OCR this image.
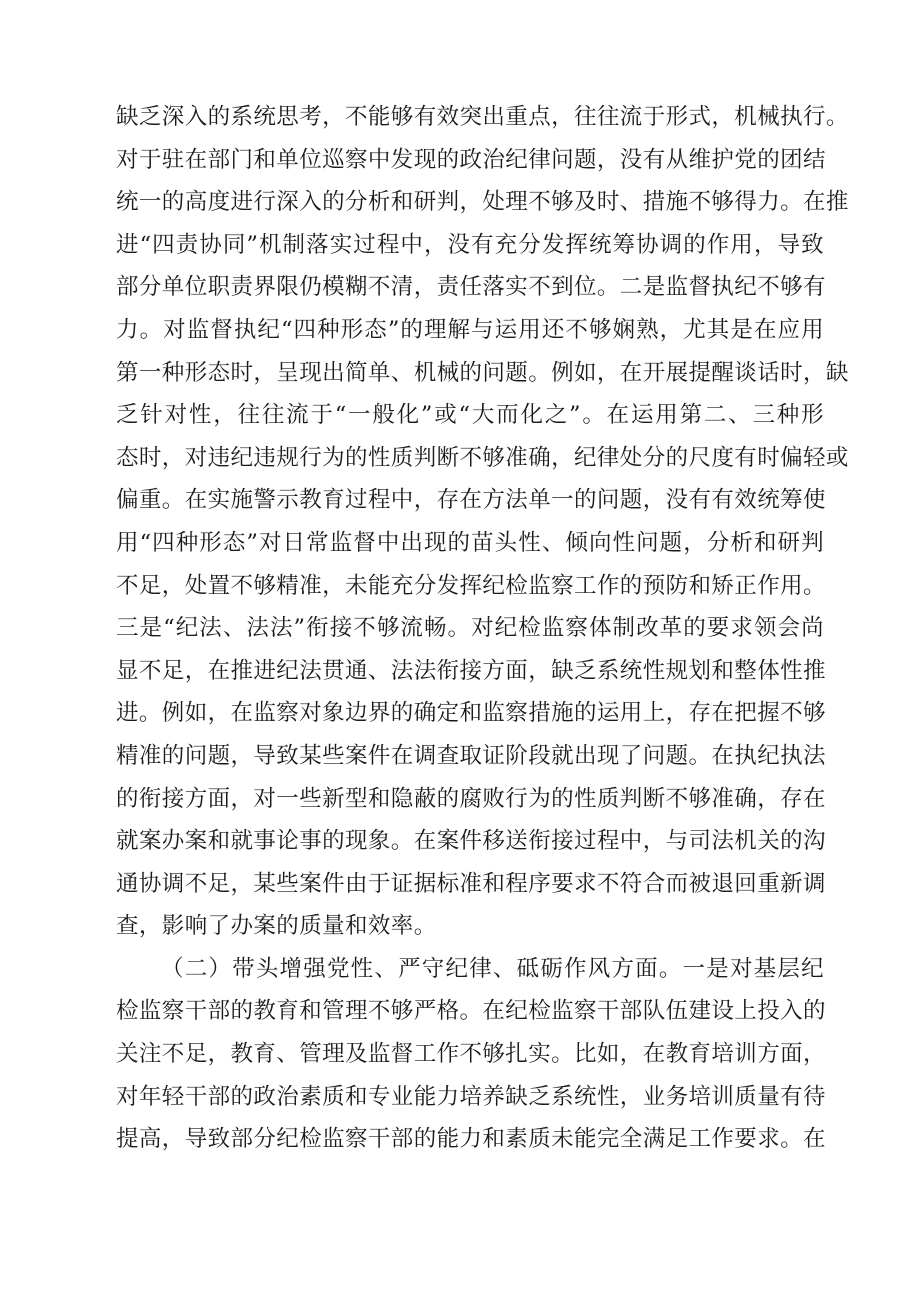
缺乏深入的系统思考，不能够有效突出重点，往往流于形式，机械执行。
对于驻在部门和单位巡察中发现的政治纪律问题，没有从维护党的团结
统一的高度进行深入的分析和研判，处理不够及时、措施不够得力。在推
进“四责协同”机制落实过程中，没有充分发挥统筹协调的作用，导致
部分单位职责界限仍模糊不清，责任落实不到位。二是监督执纪不够有
力。对监督执纪“四种形态”的理解与运用还不够娴熟，尤其是在应用
第一种形态时，呈现出简单、机械的问题。例如，在开展提醒谈话时，缺
乏针对性，往往流于“一般化”或“大而化之”。在运用第二、三种形
态时，对违纪违规行为的性质判断不够准确，纪律处分的尺度有时偏轻或
偏重。在实施警示教育过程中，存在方法单一的问题，没有有效统筹使
用“四种形态”对日常监督中出现的苗头性、倾向性问题，分析和研判
不足，处置不够精准，未能充分发挥纪检监察工作的预防和矫正作用。
三是“纪法、法法”衔接不够流畅。对纪检监察体制改革的要求领会尚
显不足，在推进纪法贯通、法法衔接方面，缺乏系统性规划和整体性推
进。例如，在监察对象边界的确定和监察措施的运用上，存在把握不够
精准的问题，导致某些案件在调查取证阶段就出现了问题。在执纪执法
的衔接方面，对一些新型和隐蔽的腐败行为的性质判断不够准确，存在
就案办案和就事论事的现象。在案件移送衔接过程中，与司法机关的沟
通协调不足，某些案件由于证据标准和程序要求不符合而被退回重新调
查，影响了办案的质量和效率。
（二）带头增强党性、严守纪律、砥砺作风方面。一是对基层纪
检监察干部的教育和管理不够严格。在纪检监察干部队伍建设上投入的
关注不足，教育、管理及监督工作不够扎实。比如，在教育培训方面，
对年轻干部的政治素质和专业能力培养缺乏系统性，业务培训质量有待
提高，导致部分纪检监察干部的能力和素质未能完全满足工作要求。在
